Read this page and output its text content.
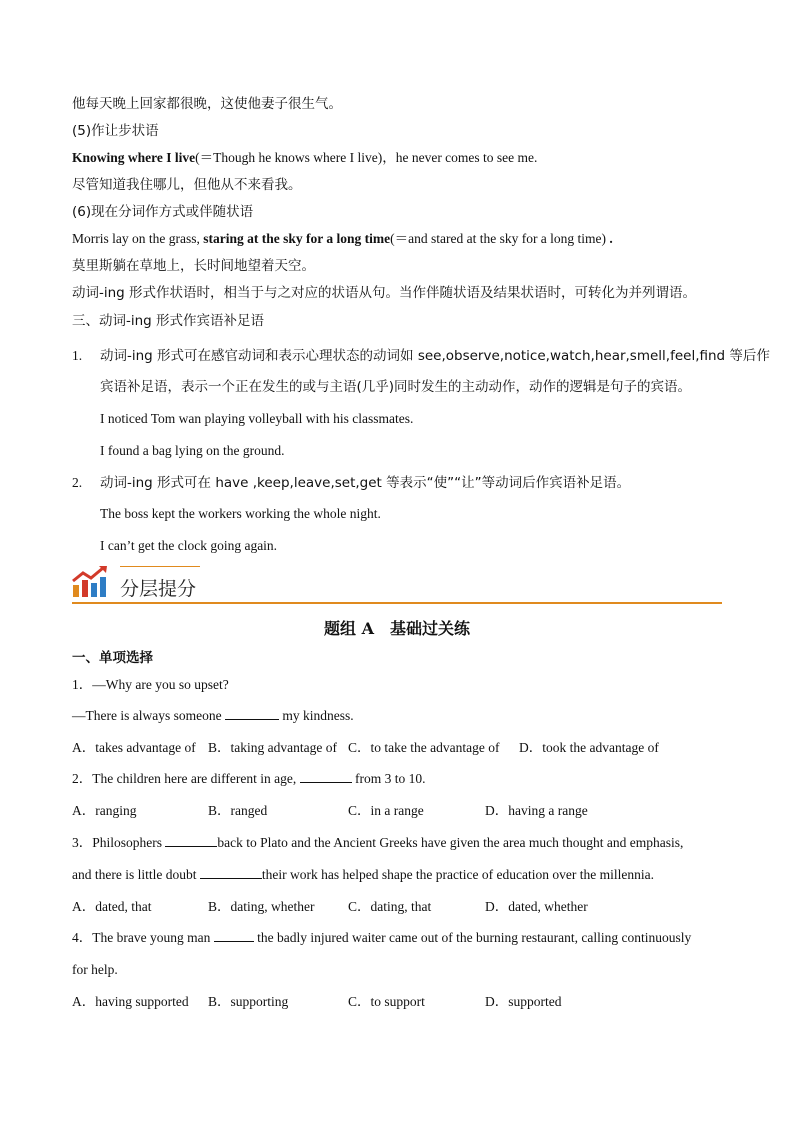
他每天晚上回家都很晚，这使他妻子很生气。
(5)作让步状语
Knowing where I live(＝Though he knows where I live)，he never comes to see me.
尽管知道我住哪儿，但他从不来看我。
(6)现在分词作方式或伴随状语
Morris lay on the grass, staring at the sky for a long time(＝and stared at the sky for a long time) .
莫里斯躺在草地上，长时间地望着天空。
动词-ing 形式作状语时，相当于与之对应的状语从句。当作伴随状语及结果状语时，可转化为并列谓语。
三、动词-ing 形式作宾语补足语
1. 动词-ing 形式可在感官动词和表示心理状态的动词如 see,observe,notice,watch,hear,smell,feel,find 等后作
宾语补足语，表示一个正在发生的或与主语(几乎)同时发生的主动动作，动作的逻辑是句子的宾语。
I noticed Tom wan playing volleyball with his classmates.
I found a bag lying on the ground.
2. 动词-ing 形式可在 have ,keep,leave,set,get 等表示“使”“让”等动词后作宾语补足语。
The boss kept the workers working the whole night.
I can’t get the clock going again.
分层提分
题组 A　基础过关练
一、单项选择
1．—Why are you so upset?
—There is always someone	my kindness.
A．takes advantage of B．taking advantage of C．to take the advantage of D．took the advantage of
2．The children here are different in age,	from 3 to 10.
A．ranging	B．ranged	C．in a range	D．having a range
3．Philosophers	back to Plato and the Ancient Greeks have given the area much thought and emphasis,
and there is little doubt	their work has helped shape the practice of education over the millennia.
A．dated, that	B．dating, whether C．dating, that	D．dated, whether
4．The brave young man	the badly injured waiter came out of the burning restaurant, calling continuously
for help.
A．having supported B．supporting	C．to support	D．supported
